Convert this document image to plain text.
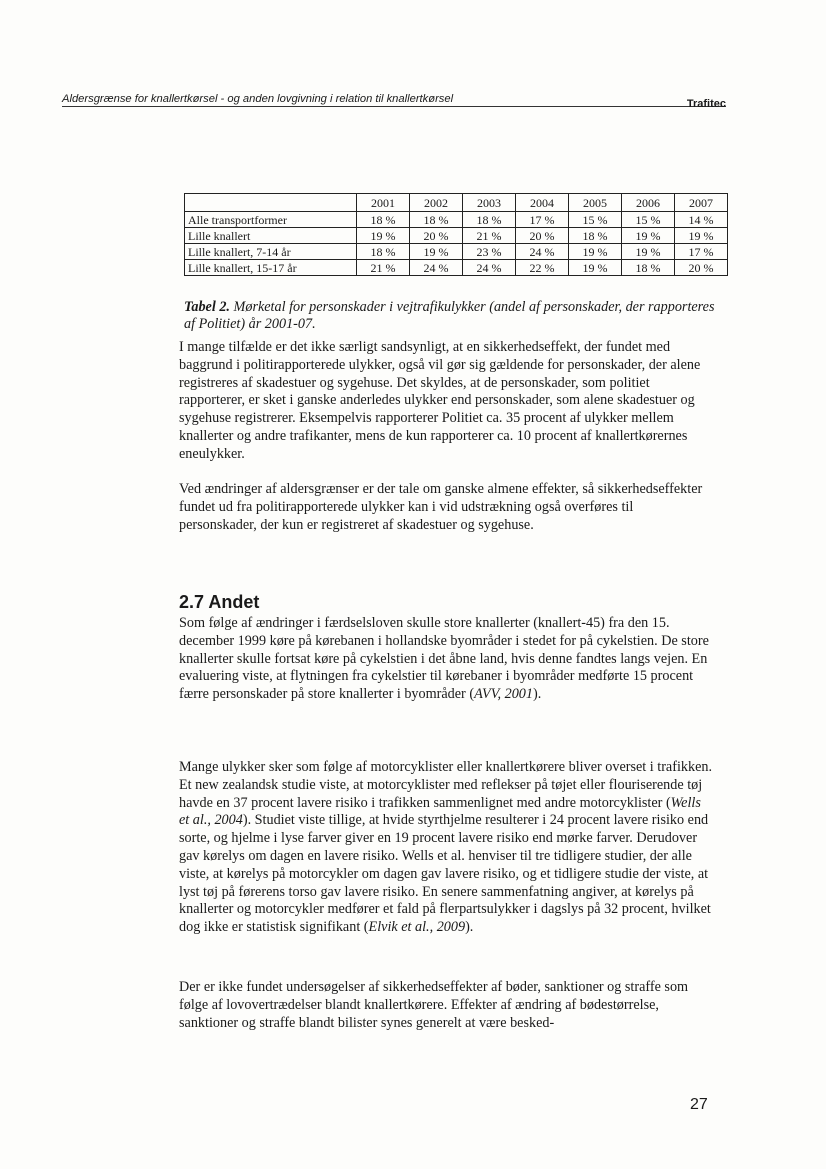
Aldersgrænse for knallertkørsel - og anden lovgivning i relation til knallertkørsel	Trafitec
	2001	2002	2003	2004	2005	2006	2007
Alle transportformer	18 %	18 %	18 %	17 %	15 %	15 %	14 %
Lille knallert	19 %	20 %	21 %	20 %	18 %	19 %	19 %
Lille knallert, 7-14 år	18 %	19 %	23 %	24 %	19 %	19 %	17 %
Lille knallert, 15-17 år	21 %	24 %	24 %	22 %	19 %	18 %	20 %
Tabel 2. Mørketal for personskader i vejtrafikulykker (andel af personskader, der rapporteres af Politiet) år 2001-07.

I mange tilfælde er det ikke særligt sandsynligt, at en sikkerhedseffekt, der fundet med baggrund i politirapporterede ulykker, også vil gør sig gældende for personskader, der alene registreres af skadestuer og sygehuse. Det skyldes, at de personskader, som politiet rapporterer, er sket i ganske anderledes ulykker end personskader, som alene skadestuer og sygehuse registrerer. Eksempelvis rapporterer Politiet ca. 35 procent af ulykker mellem knallerter og andre trafikanter, mens de kun rapporterer ca. 10 procent af knallertkørernes eneulykker.

Ved ændringer af aldersgrænser er der tale om ganske almene effekter, så sikkerhedseffekter fundet ud fra politirapporterede ulykker kan i vid udstrækning også overføres til personskader, der kun er registreret af skadestuer og sygehuse.

2.7 Andet

Som følge af ændringer i færdselsloven skulle store knallerter (knallert-45) fra den 15. december 1999 køre på kørebanen i hollandske byområder i stedet for på cykelstien. De store knallerter skulle fortsat køre på cykelstien i det åbne land, hvis denne fandtes langs vejen. En evaluering viste, at flytningen fra cykelstier til kørebaner i byområder medførte 15 procent færre personskader på store knallerter i byområder (AVV, 2001).

Mange ulykker sker som følge af motorcyklister eller knallertkørere bliver overset i trafikken. Et new zealandsk studie viste, at motorcyklister med reflekser på tøjet eller flouriserende tøj havde en 37 procent lavere risiko i trafikken sammenlignet med andre motorcyklister (Wells et al., 2004). Studiet viste tillige, at hvide styrthjelme resulterer i 24 procent lavere risiko end sorte, og hjelme i lyse farver giver en 19 procent lavere risiko end mørke farver. Derudover gav kørelys om dagen en lavere risiko. Wells et al. henviser til tre tidligere studier, der alle viste, at kørelys på motorcykler om dagen gav lavere risiko, og et tidligere studie der viste, at lyst tøj på førerens torso gav lavere risiko. En senere sammenfatning angiver, at kørelys på knallerter og motorcykler medfører et fald på flerpartsulykker i dagslys på 32 procent, hvilket dog ikke er statistisk signifikant (Elvik et al., 2009).

Der er ikke fundet undersøgelser af sikkerhedseffekter af bøder, sanktioner og straffe som følge af lovovertrædelser blandt knallertkørere. Effekter af ændring af bødestørrelse, sanktioner og straffe blandt bilister synes generelt at være besked-

27
